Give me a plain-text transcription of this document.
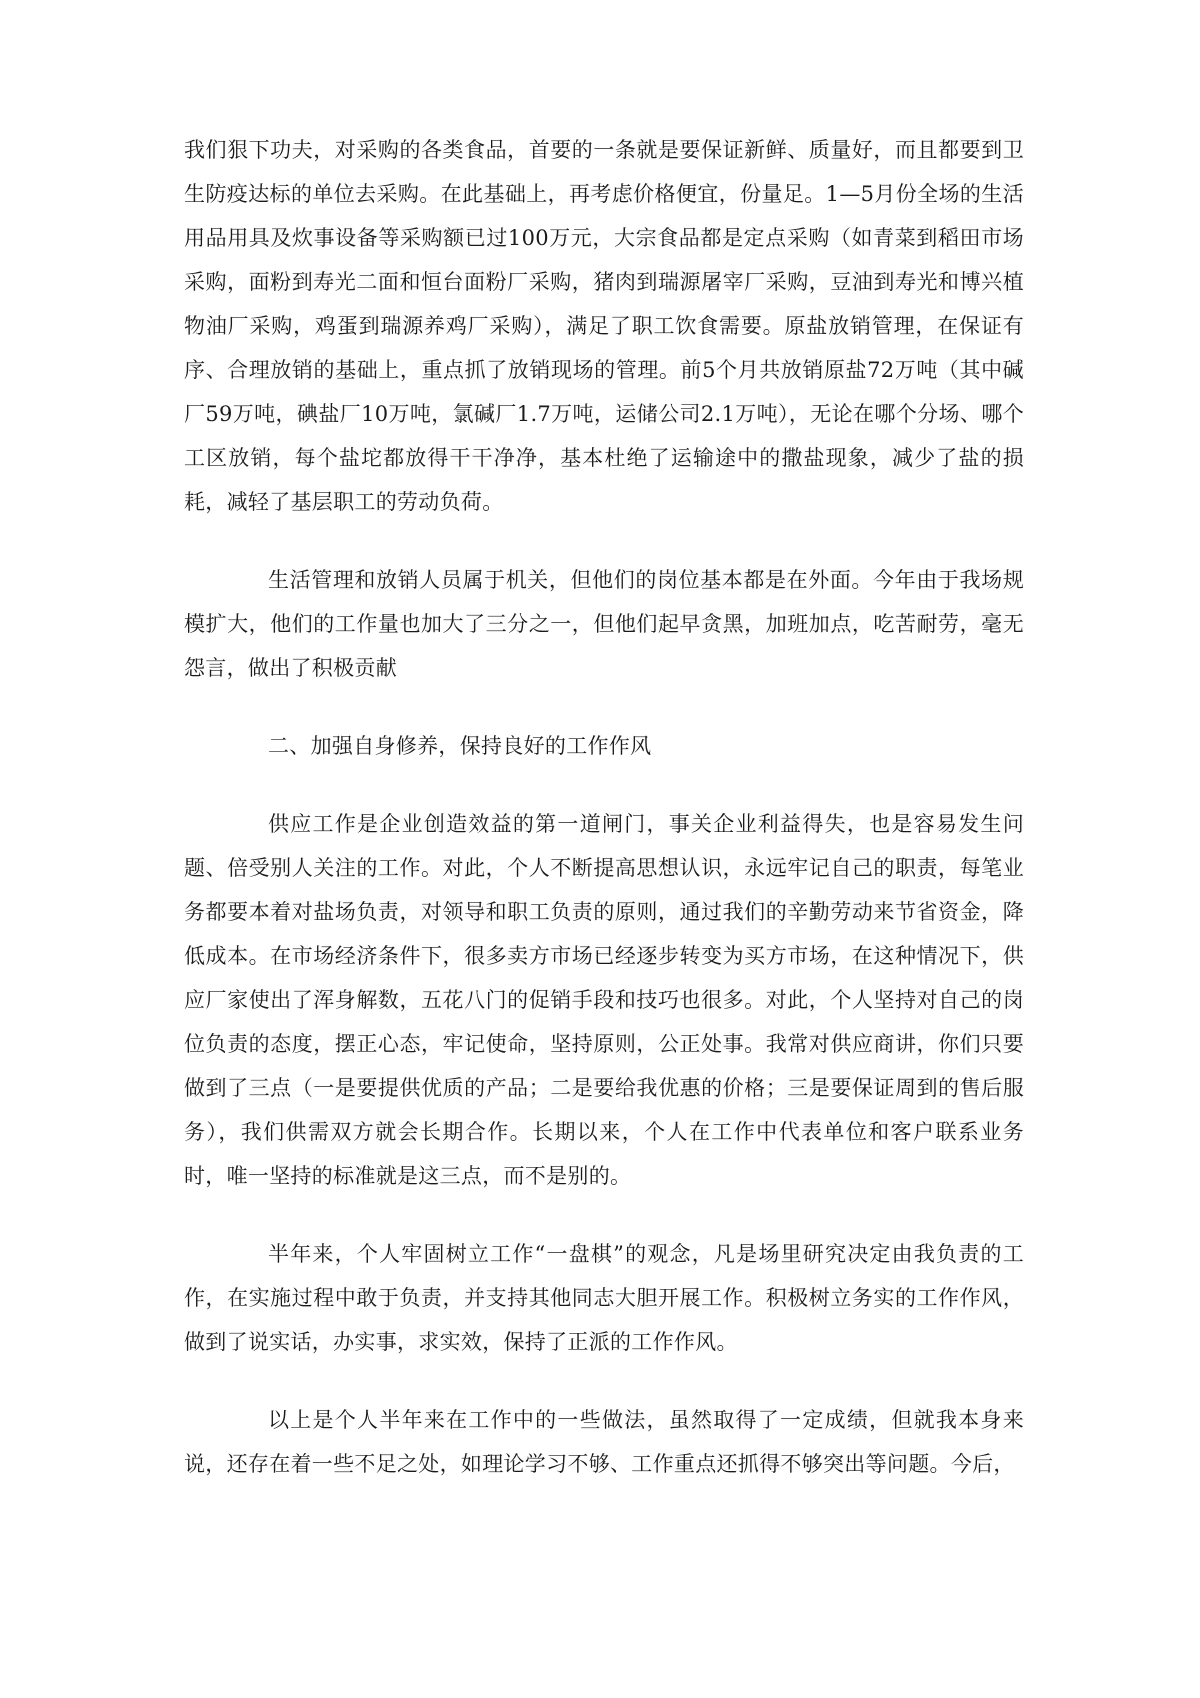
我们狠下功夫，对采购的各类食品，首要的一条就是要保证新鲜、质量好，而且都要到卫生防疫达标的单位去采购。在此基础上，再考虑价格便宜，份量足。1—5月份全场的生活用品用具及炊事设备等采购额已过100万元，大宗食品都是定点采购（如青菜到稻田市场采购，面粉到寿光二面和恒台面粉厂采购，猪肉到瑞源屠宰厂采购，豆油到寿光和博兴植物油厂采购，鸡蛋到瑞源养鸡厂采购），满足了职工饮食需要。原盐放销管理，在保证有序、合理放销的基础上，重点抓了放销现场的管理。前5个月共放销原盐72万吨（其中碱厂59万吨，碘盐厂10万吨，氯碱厂1.7万吨，运储公司2.1万吨），无论在哪个分场、哪个工区放销，每个盐坨都放得干干净净，基本杜绝了运输途中的撒盐现象，减少了盐的损耗，减轻了基层职工的劳动负荷。

生活管理和放销人员属于机关，但他们的岗位基本都是在外面。今年由于我场规模扩大，他们的工作量也加大了三分之一，但他们起早贪黑，加班加点，吃苦耐劳，毫无怨言，做出了积极贡献

二、加强自身修养，保持良好的工作作风

供应工作是企业创造效益的第一道闸门，事关企业利益得失，也是容易发生问题、倍受别人关注的工作。对此，个人不断提高思想认识，永远牢记自己的职责，每笔业务都要本着对盐场负责，对领导和职工负责的原则，通过我们的辛勤劳动来节省资金，降低成本。在市场经济条件下，很多卖方市场已经逐步转变为买方市场，在这种情况下，供应厂家使出了浑身解数，五花八门的促销手段和技巧也很多。对此，个人坚持对自己的岗位负责的态度，摆正心态，牢记使命，坚持原则，公正处事。我常对供应商讲，你们只要做到了三点（一是要提供优质的产品；二是要给我优惠的价格；三是要保证周到的售后服务），我们供需双方就会长期合作。长期以来，个人在工作中代表单位和客户联系业务时，唯一坚持的标准就是这三点，而不是别的。

半年来，个人牢固树立工作“一盘棋”的观念，凡是场里研究决定由我负责的工作，在实施过程中敢于负责，并支持其他同志大胆开展工作。积极树立务实的工作作风，做到了说实话，办实事，求实效，保持了正派的工作作风。

以上是个人半年来在工作中的一些做法，虽然取得了一定成绩，但就我本身来说，还存在着一些不足之处，如理论学习不够、工作重点还抓得不够突出等问题。今后，
